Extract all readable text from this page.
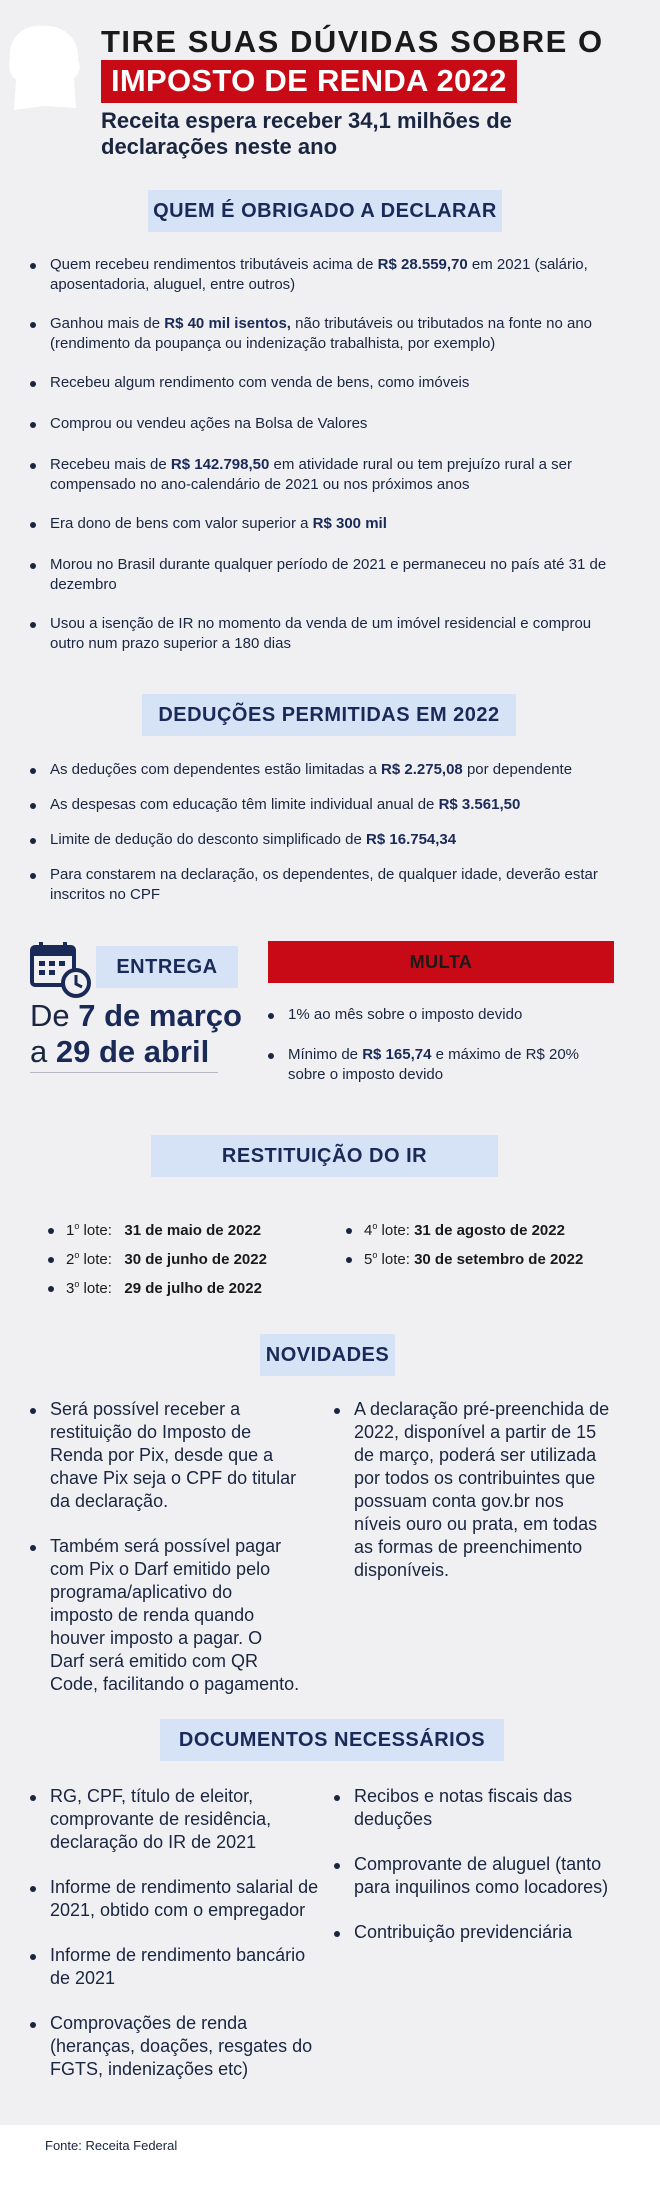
TIRE SUAS DÚVIDAS SOBRE O
IMPOSTO DE RENDA 2022
Receita espera receber 34,1 milhões de declarações neste ano
QUEM É OBRIGADO A DECLARAR
Quem recebeu rendimentos tributáveis acima de R$ 28.559,70 em 2021 (salário, aposentadoria, aluguel, entre outros)
Ganhou mais de R$ 40 mil isentos, não tributáveis ou tributados na fonte no ano (rendimento da poupança ou indenização trabalhista, por exemplo)
Recebeu algum rendimento com venda de bens, como imóveis
Comprou ou vendeu ações na Bolsa de Valores
Recebeu mais de R$ 142.798,50 em atividade rural ou tem prejuízo rural a ser compensado no ano-calendário de 2021 ou nos próximos anos
Era dono de bens com valor superior a R$ 300 mil
Morou no Brasil durante qualquer período de 2021 e permaneceu no país até 31 de dezembro
Usou a isenção de IR no momento da venda de um imóvel residencial e comprou outro num prazo superior a 180 dias
DEDUÇÕES PERMITIDAS EM 2022
As deduções com dependentes estão limitadas a R$ 2.275,08 por dependente
As despesas com educação têm limite individual anual de R$ 3.561,50
Limite de dedução do desconto simplificado de R$ 16.754,34
Para constarem na declaração, os dependentes, de qualquer idade, deverão estar inscritos no CPF
ENTREGA
De 7 de março
a 29 de abril
MULTA
1% ao mês sobre o imposto devido
Mínimo de R$ 165,74 e máximo de R$ 20% sobre o imposto devido
RESTITUIÇÃO DO IR
1$^o$ lote: 31 de maio de 2022
2$^o$ lote: 30 de junho de 2022
3$^o$ lote: 29 de julho de 2022
4$^o$ lote: 31 de agosto de 2022
5$^o$ lote: 30 de setembro de 2022
NOVIDADES
Será possível receber a restituição do Imposto de Renda por Pix, desde que a chave Pix seja o CPF do titular da declaração.
Também será possível pagar com Pix o Darf emitido pelo programa/aplicativo do imposto de renda quando houver imposto a pagar. O Darf será emitido com QR Code, facilitando o pagamento.
A declaração pré-preenchida de 2022, disponível a partir de 15 de março, poderá ser utilizada por todos os contribuintes que possuam conta gov.br nos níveis ouro ou prata, em todas as formas de preenchimento disponíveis.
DOCUMENTOS NECESSÁRIOS
RG, CPF, título de eleitor, comprovante de residência, declaração do IR de 2021
Informe de rendimento salarial de 2021, obtido com o empregador
Informe de rendimento bancário de 2021
Comprovações de renda (heranças, doações, resgates do FGTS, indenizações etc)
Recibos e notas fiscais das deduções
Comprovante de aluguel (tanto para inquilinos como locadores)
Contribuição previdenciária
Fonte: Receita Federal
